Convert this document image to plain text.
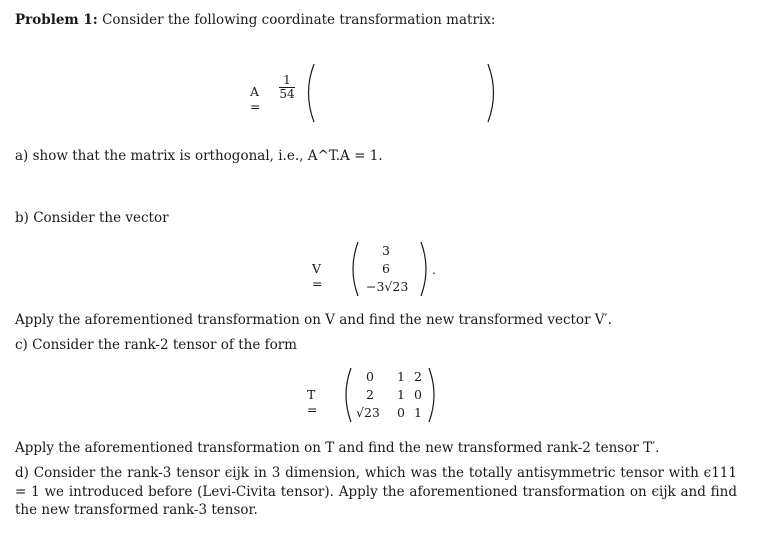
Problem 1: Consider the following coordinate transformation matrix:
A =
$\frac{1}{54}$
a) show that the matrix is orthogonal, i.e., A^T.A = 1.
b) Consider the vector
V =
3
6
−3√23
.
Apply the aforementioned transformation on V and find the new transformed vector V′.
c) Consider the rank-2 tensor of the form
T =
0 1 2
2 1 0
√23 0 1
Apply the aforementioned transformation on T and find the new transformed rank-2 tensor T′.
d) Consider the rank-3 tensor ϵijk in 3 dimension, which was the totally antisymmetric tensor with ϵ111 = 1 we introduced before (Levi-Civita tensor). Apply the aforementioned transformation on ϵijk and find the new transformed rank-3 tensor.
